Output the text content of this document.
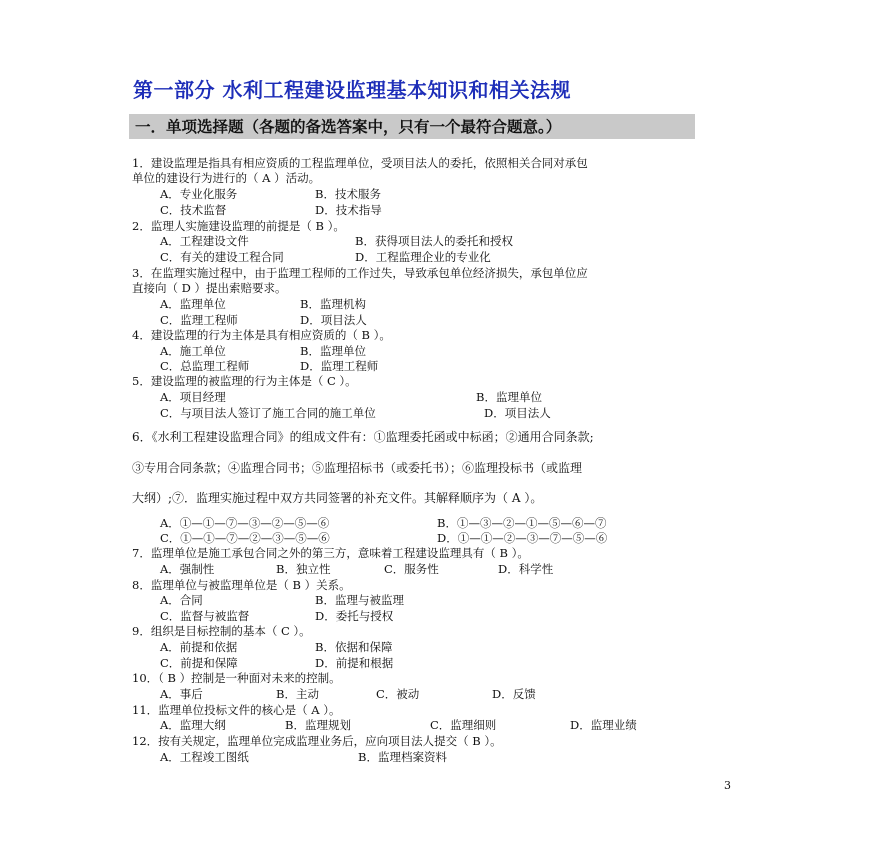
第一部分 水利工程建设监理基本知识和相关法规
一．单项选择题（各题的备选答案中，只有一个最符合题意。）
1．建设监理是指具有相应资质的工程监理单位，受项目法人的委托，依照相关合同对承包
单位的建设行为进行的（ A ）活动。
A．专业化服务	B．技术服务
C．技术监督	D．技术指导
2．监理人实施建设监理的前提是（ B ）。
A．工程建设文件	B．获得项目法人的委托和授权
C．有关的建设工程合同	D．工程监理企业的专业化
3．在监理实施过程中，由于监理工程师的工作过失，导致承包单位经济损失，承包单位应
直接向（ D ）提出索赔要求。
A．监理单位	B．监理机构
C．监理工程师	D．项目法人
4．建设监理的行为主体是具有相应资质的（ B ）。
A．施工单位	B．监理单位
C．总监理工程师	D．监理工程师
5．建设监理的被监理的行为主体是（ C ）。
A．项目经理	B．监理单位
C．与项目法人签订了施工合同的施工单位	D．项目法人
6．《水利工程建设监理合同》的组成文件有：①监理委托函或中标函；②通用合同条款;
③专用合同条款；④监理合同书；⑤监理招标书（或委托书）；⑥监理投标书（或监理
大纲）;⑦．监理实施过程中双方共同签署的补充文件。其解释顺序为（ A ）。
A．①—①—⑦—③—②—⑤—⑥	B．①—③—②—①—⑤—⑥—⑦
C．①—①—⑦—②—③—⑤—⑥	D．①—①—②—③—⑦—⑤—⑥
7．监理单位是施工承包合同之外的第三方，意味着工程建设监理具有（ B ）。
A．强制性	B．独立性	C．服务性	D．科学性
8．监理单位与被监理单位是（ B ）关系。
A．合同	B．监理与被监理
C．监督与被监督	D．委托与授权
9．组织是目标控制的基本（ C ）。
A．前提和依据	B．依据和保障
C．前提和保障	D．前提和根据
10．（ B ）控制是一种面对未来的控制。
A．事后	B．主动	C．被动	D．反馈
11．监理单位投标文件的核心是（ A ）。
A．监理大纲	B．监理规划	C．监理细则	D．监理业绩
12．按有关规定，监理单位完成监理业务后，应向项目法人提交（ B ）。
A．工程竣工图纸	B．监理档案资料
3
